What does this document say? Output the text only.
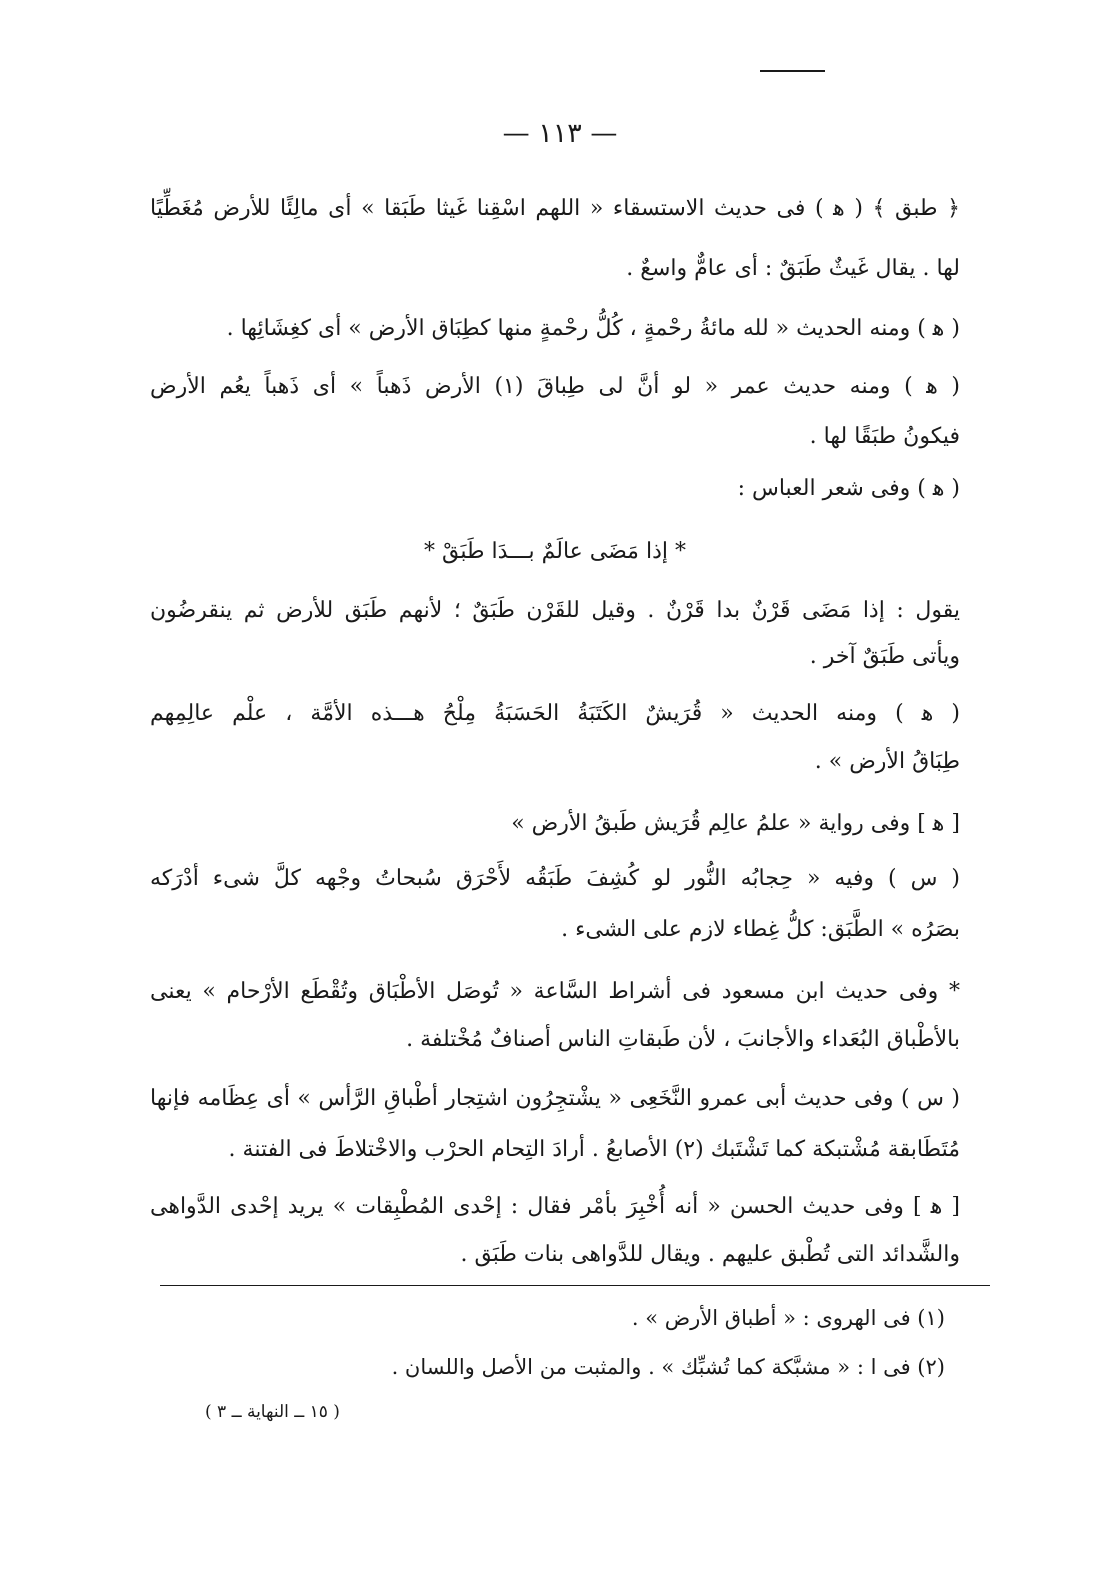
— ١١٣ —
﴿ طبق ﴾ ( ﻫ ) فى حديث الاستسقاء « اللهم اسْقِنا غَيثا طَبَقا » أى مالِئًا للأرض مُغَطِّيًا
لها . يقال غَيثٌ طَبَقٌ : أى عامٌّ واسعٌ .
( ﻫ ) ومنه الحديث « لله مائةُ رحْمةٍ ، كُلُّ رحْمةٍ منها كطِبَاق الأرض » أى كغِشَائِها .
( ﻫ ) ومنه حديث عمر « لو أنَّ لى طِباقَ (١) الأرض ذَهباً » أى ذَهباً يعُم الأرض
فيكونُ طبَقًا لها .
( ﻫ ) وفى شعر العباس :
* إذا مَضَى عالَمٌ بـــدَا طَبَقْ *
يقول : إذا مَضَى قَرْنٌ بدا قَرْنٌ . وقيل للقَرْن طَبَقٌ ؛ لأنهم طَبَق للأرض ثم ينقرضُون
ويأتى طَبَقٌ آخر .
( ﻫ ) ومنه الحديث « قُرَيشٌ الكَتَبَةُ الحَسَبَةُ مِلْحُ هـــذه الأمَّة ، علْم عالِمِهم
طِبَاقُ الأرض » .
[ ﻫ ] وفى رواية « علمُ عالِم قُرَيش طَبقُ الأرض »
( س ) وفيه « حِجابُه النُّور لو كُشِفَ طَبَقُه لأَحْرَق سُبحاتُ وجْهه كلَّ شىء أدْرَكه
بصَرُه » الطَّبَق: كلُّ غِطاء لازم على الشىء .
* وفى حديث ابن مسعود فى أشراط السَّاعة « تُوصَل الأطْبَاق وتُقْطَع الأرْحام » يعنى
بالأطْباق البُعَداء والأجانبَ ، لأن طَبقاتِ الناس أصنافٌ مُخْتلفة .
( س ) وفى حديث أبى عمرو النَّخَعِى « يشْتجِرُون اشتِجار أطْباقِ الرَّأس » أى عِظَامه فإنها
مُتَطَابقة مُشْتبكة كما تَشْتَبك (٢) الأصابعُ . أرادَ التِحام الحرْب والاخْتلاطَ فى الفتنة .
[ ﻫ ] وفى حديث الحسن « أنه أُخْبِرَ بأمْر فقال : إحْدى المُطْبِقات » يريد إحْدى الدَّواهى
والشَّدائد التى تُطْبق عليهم . ويقال للدَّواهى بنات طَبَق .
(١) فى الهروى : « أطباق الأرض » .
(٢) فى ا : « مشبَّكة كما تُشبِّك » . والمثبت من الأصل واللسان .
( ١٥ ــ النهاية ــ ٣ )
